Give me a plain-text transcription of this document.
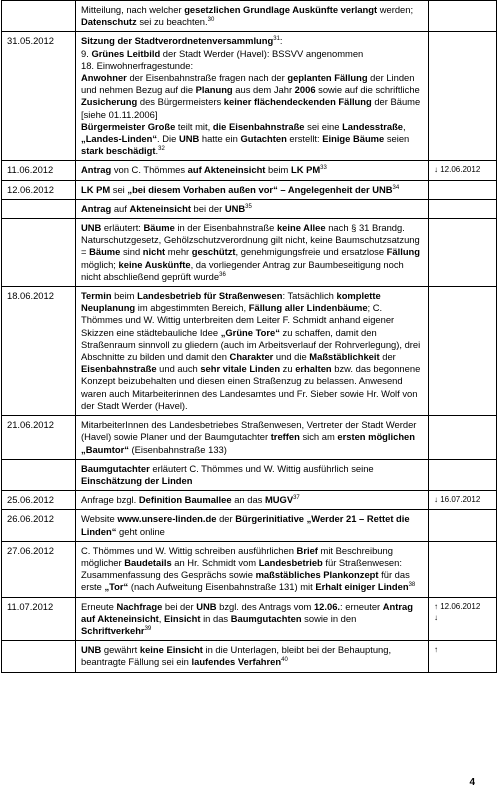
	Mitteilung, nach welcher gesetzlichen Grundlage Auskünfte verlangt werden; Datenschutz sei zu beachten.$^{30}$	
31.05.2012	Sitzung der Stadtverordnetenversammlung$^{31}$:
9. Grünes Leitbild der Stadt Werder (Havel): BSSVV angenommen
18. Einwohnerfragestunde:
Anwohner der Eisenbahnstraße fragen nach der geplanten Fällung der Linden und nehmen Bezug auf die Planung aus dem Jahr 2006 sowie auf die schriftliche Zusicherung des Bürgermeisters keiner flächendeckenden Fällung der Bäume [siehe 01.11.2006]
Bürgermeister Große teilt mit, die Eisenbahnstraße sei eine Landesstraße, „Landes-Linden“. Die UNB hatte ein Gutachten erstellt: Einige Bäume seien stark beschädigt.$^{32}$	
11.06.2012	Antrag von C. Thömmes auf Akteneinsicht beim LK PM$^{33}$	↓ 12.06.2012
12.06.2012	LK PM sei „bei diesem Vorhaben außen vor“ – Angelegenheit der UNB$^{34}$	
	Antrag auf Akteneinsicht bei der UNB$^{35}$	
	UNB erläutert: Bäume in der Eisenbahnstraße keine Allee nach § 31 Brandg. Naturschutzgesetz, Gehölzschutzverordnung gilt nicht, keine Baumschutzsatzung = Bäume sind nicht mehr geschützt, genehmigungsfreie und ersatzlose Fällung möglich; keine Auskünfte, da vorliegender Antrag zur Baumbeseitigung noch nicht abschließend geprüft wurde$^{36}$	
18.06.2012	Termin beim Landesbetrieb für Straßenwesen: Tatsächlich komplette Neuplanung im abgestimmten Bereich, Fällung aller Lindenbäume; C. Thömmes und W. Wittig unterbreiten dem Leiter F. Schmidt anhand eigener Skizzen eine städtebauliche Idee „Grüne Tore“ zu schaffen, damit den Straßenraum sinnvoll zu gliedern (auch im Arbeitsverlauf der Rohrverlegung), drei Abschnitte zu bilden und damit den Charakter und die Maßstäblichkeit der Eisenbahnstraße und auch sehr vitale Linden zu erhalten bzw. das begonnene Konzept beizubehalten und diesen einen Straßenzug zu belassen. Anwesend waren auch Mitarbeiterinnen des Landesamtes und Fr. Sieber sowie Hr. Wolf von der Stadt Werder (Havel).	
21.06.2012	MitarbeiterInnen des Landesbetriebes Straßenwesen, Vertreter der Stadt Werder (Havel) sowie Planer und der Baumgutachter treffen sich am ersten möglichen „Baumtor“ (Eisenbahnstraße 133)	
	Baumgutachter erläutert C. Thömmes und W. Wittig ausführlich seine Einschätzung der Linden	
25.06.2012	Anfrage bzgl. Definition Baumallee an das MUGV$^{37}$	↓ 16.07.2012
26.06.2012	Website www.unsere-linden.de der Bürgerinitiative „Werder 21 – Rettet die Linden“ geht online	
27.06.2012	C. Thömmes und W. Wittig schreiben ausführlichen Brief mit Beschreibung möglicher Baudetails an Hr. Schmidt vom Landesbetrieb für Straßenwesen: Zusammenfassung des Gesprächs sowie maßstäbliches Plankonzept für das erste „Tor“ (nach Aufweitung Eisenbahnstraße 131) mit Erhalt einiger Linden$^{38}$	
11.07.2012	Erneute Nachfrage bei der UNB bzgl. des Antrags vom 12.06.: erneuter Antrag auf Akteneinsicht, Einsicht in das Baumgutachten sowie in den Schriftverkehr$^{39}$	↑ 12.06.2012
↓
	UNB gewährt keine Einsicht in die Unterlagen, bleibt bei der Behauptung, beantragte Fällung sei ein laufendes Verfahren$^{40}$	↑
4
